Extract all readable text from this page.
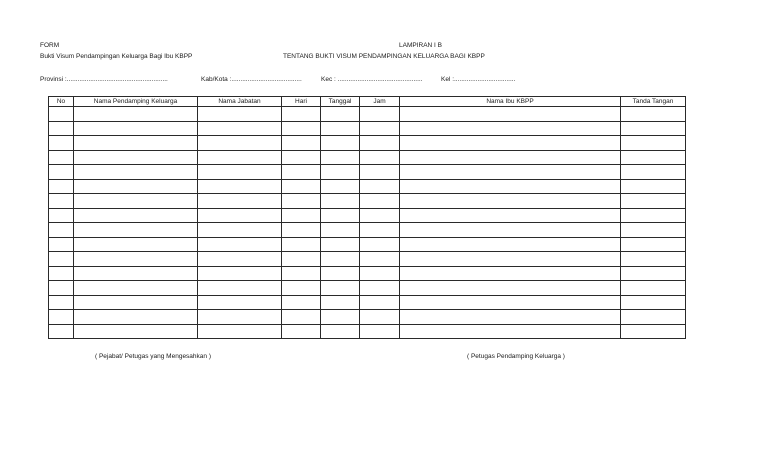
FORM
Bukti Visum Pendampingan Keluarga Bagi Ibu KBPP
LAMPIRAN I B
TENTANG BUKTI VISUM PENDAMPINGAN KELUARGA BAGI KBPP
Provinsi :........................................................	Kab/Kota :.......................................	Kec : ...............................................	Kel :..................................
No	Nama Pendamping Keluarga	Nama Jabatan	Hari	Tanggal	Jam	Nama Ibu KBPP	Tanda Tangan

( Pejabat/ Petugas yang Mengesahkan )	( Petugas Pendamping Keluarga )
